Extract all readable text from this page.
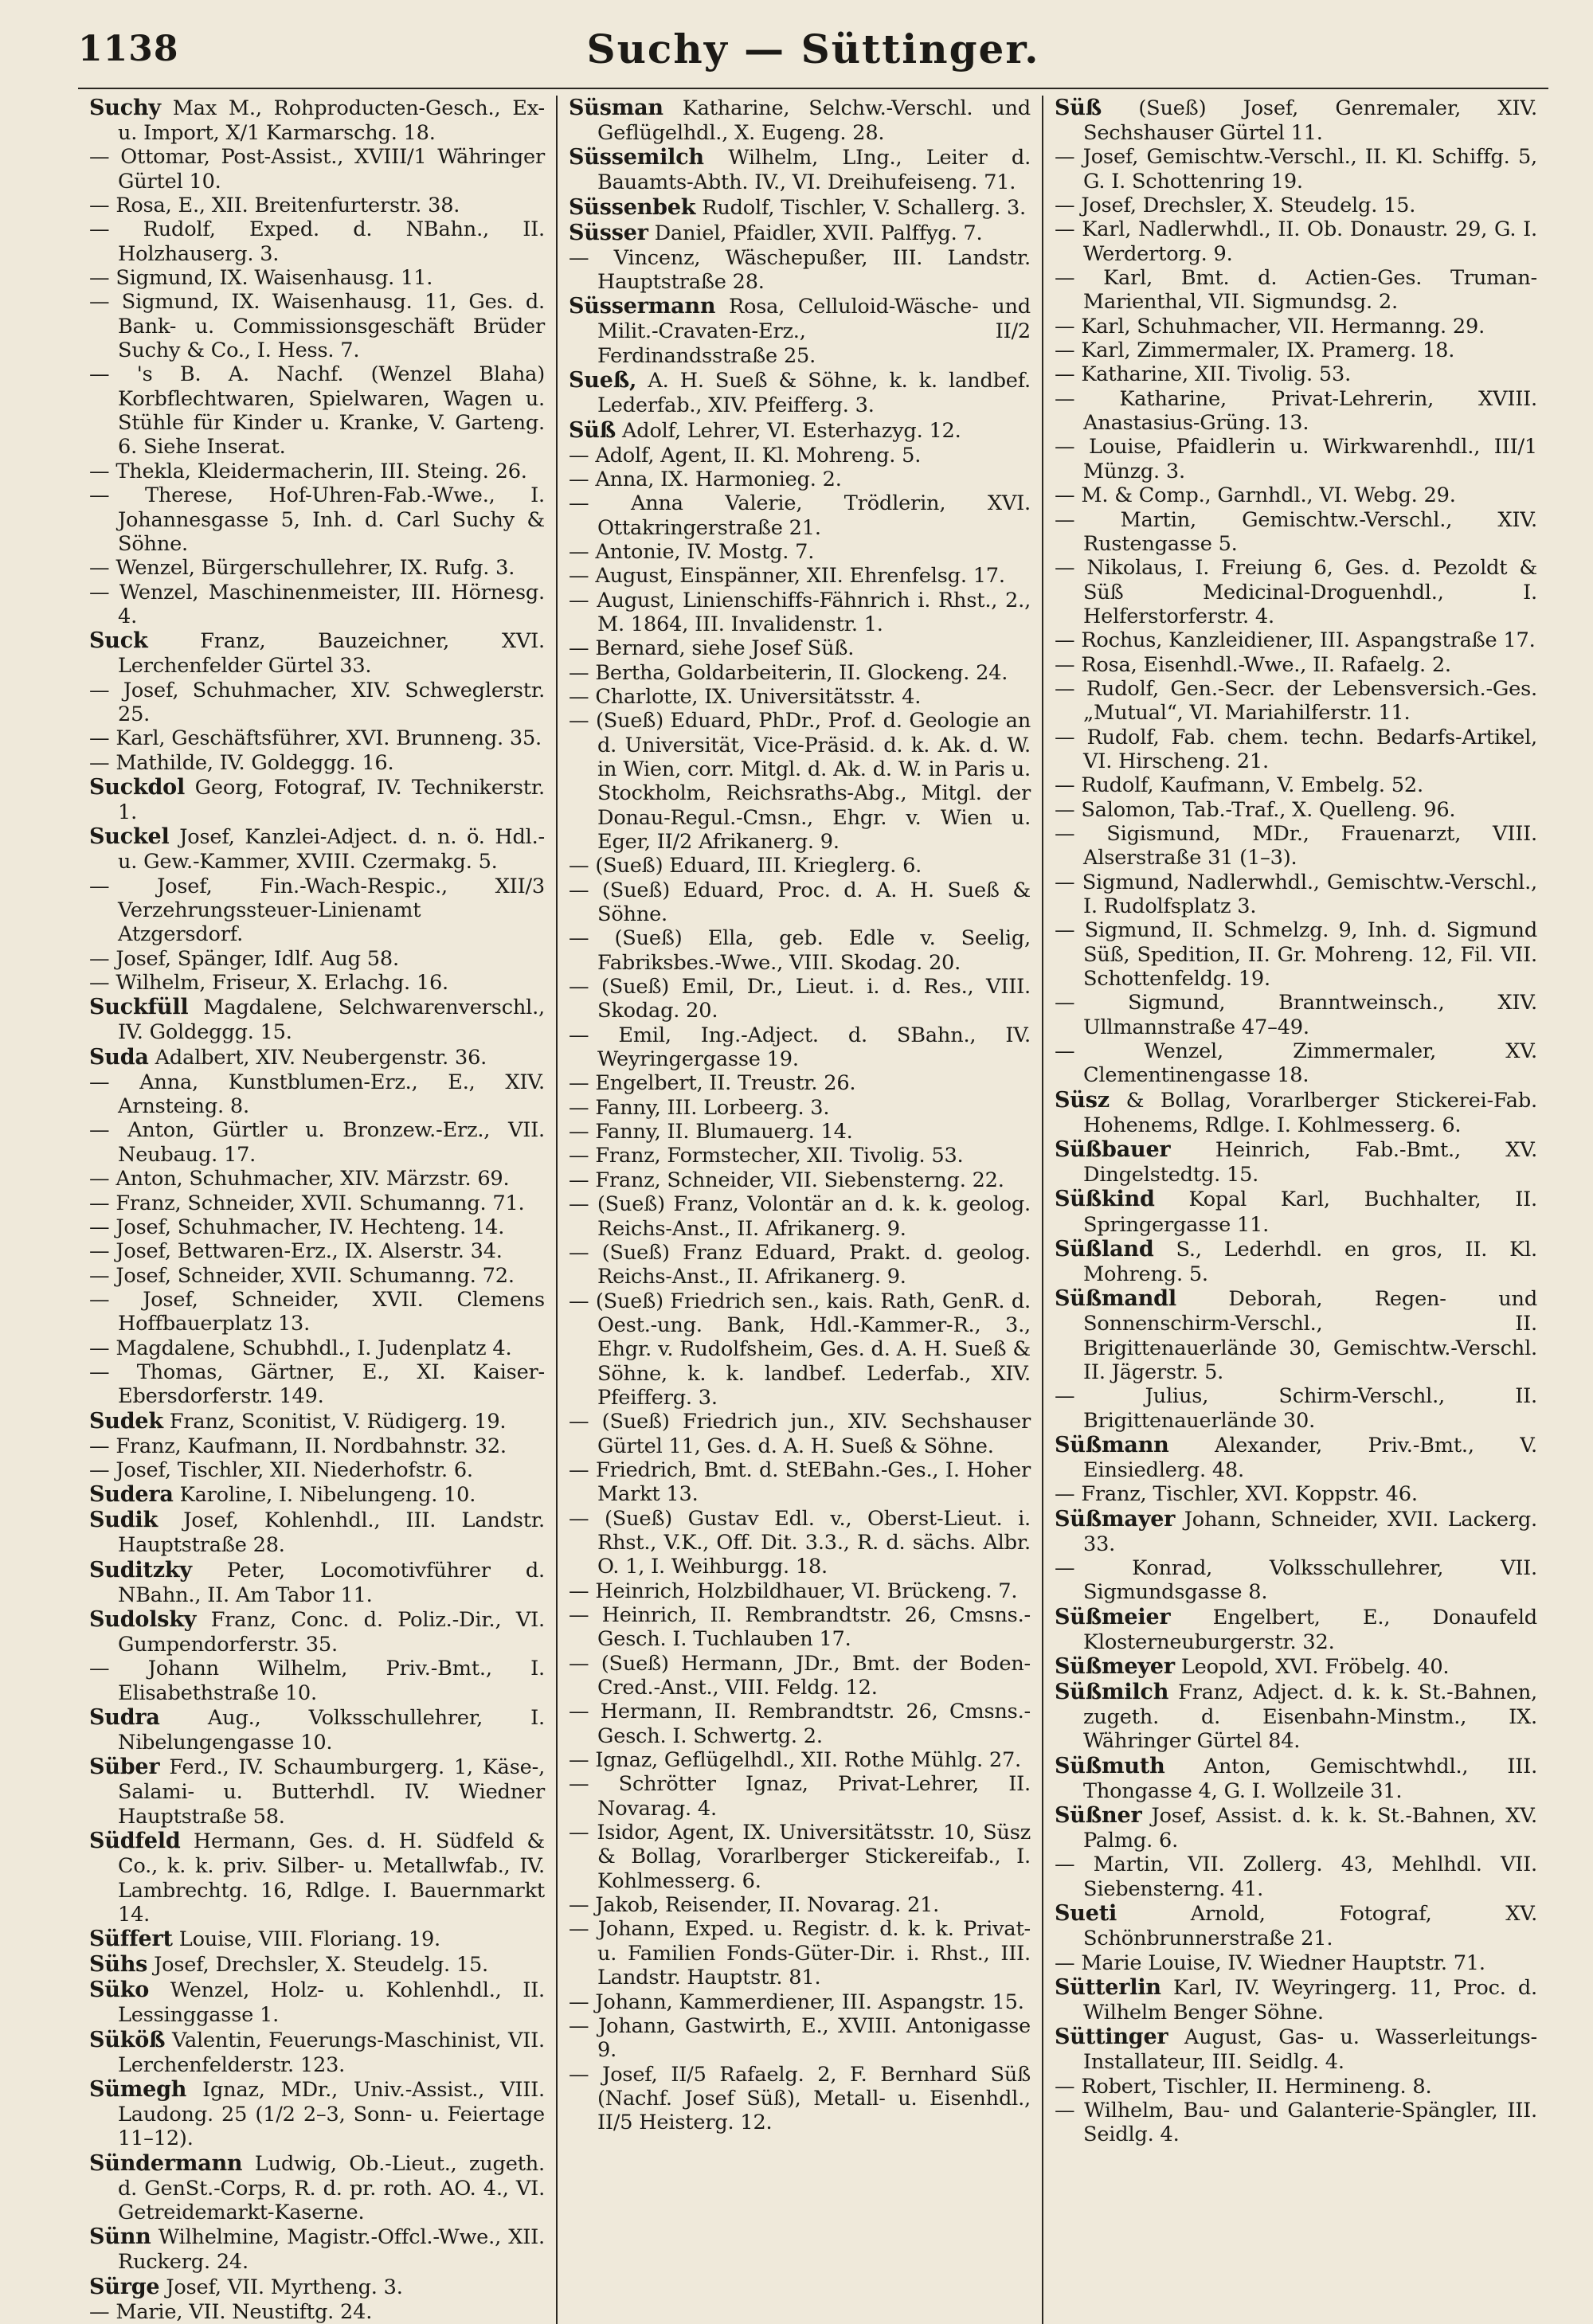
1138	Suchy — Süttinger.
Suchy Max M., Rohproducten-Gesch., Ex- u. Import, X/1 Karmarschg. 18.
— Ottomar, Post-Assist., XVIII/1 Währinger Gürtel 10.
— Rosa, E., XII. Breitenfurterstr. 38.
— Rudolf, Exped. d. NBahn., II. Holzhauserg. 3.
— Sigmund, IX. Waisenhausg. 11.
— Sigmund, IX. Waisenhausg. 11, Ges. d. Bank- u. Commissionsgeschäft Brüder Suchy & Co., I. Hess. 7.
— 's B. A. Nachf. (Wenzel Blaha) Korbflechtwaren, Spielwaren, Wagen u. Stühle für Kinder u. Kranke, V. Garteng. 6. Siehe Inserat.
— Thekla, Kleidermacherin, III. Steing. 26.
— Therese, Hof-Uhren-Fab.-Wwe., I. Johannesgasse 5, Inh. d. Carl Suchy & Söhne.
— Wenzel, Bürgerschullehrer, IX. Rufg. 3.
— Wenzel, Maschinenmeister, III. Hörnesg. 4.
Suck Franz, Bauzeichner, XVI. Lerchenfelder Gürtel 33.
— Josef, Schuhmacher, XIV. Schweglerstr. 25.
— Karl, Geschäftsführer, XVI. Brunneng. 35.
— Mathilde, IV. Goldeggg. 16.
Suckdol Georg, Fotograf, IV. Technikerstr. 1.
Suckel Josef, Kanzlei-Adject. d. n. ö. Hdl.- u. Gew.-Kammer, XVIII. Czermakg. 5.
— Josef, Fin.-Wach-Respic., XII/3 Verzehrungssteuer-Linienamt Atzgersdorf.
— Josef, Spänger, Idlf. Aug 58.
— Wilhelm, Friseur, X. Erlachg. 16.
Suckfüll Magdalene, Selchwarenverschl., IV. Goldeggg. 15.
Suda Adalbert, XIV. Neubergenstr. 36.
— Anna, Kunstblumen-Erz., E., XIV. Arnsteing. 8.
— Anton, Gürtler u. Bronzew.-Erz., VII. Neubaug. 17.
— Anton, Schuhmacher, XIV. Märzstr. 69.
— Franz, Schneider, XVII. Schumanng. 71.
— Josef, Schuhmacher, IV. Hechteng. 14.
— Josef, Bettwaren-Erz., IX. Alserstr. 34.
— Josef, Schneider, XVII. Schumanng. 72.
— Josef, Schneider, XVII. Clemens Hoffbauerplatz 13.
— Magdalene, Schubhdl., I. Judenplatz 4.
— Thomas, Gärtner, E., XI. Kaiser-Ebersdorferstr. 149.
Sudek Franz, Sconitist, V. Rüdigerg. 19.
— Franz, Kaufmann, II. Nordbahnstr. 32.
— Josef, Tischler, XII. Niederhofstr. 6.
Sudera Karoline, I. Nibelungeng. 10.
Sudik Josef, Kohlenhdl., III. Landstr. Hauptstraße 28.
Suditzky Peter, Locomotivführer d. NBahn., II. Am Tabor 11.
Sudolsky Franz, Conc. d. Poliz.-Dir., VI. Gumpendorferstr. 35.
— Johann Wilhelm, Priv.-Bmt., I. Elisabethstraße 10.
Sudra Aug., Volksschullehrer, I. Nibelungengasse 10.
Süber Ferd., IV. Schaumburgerg. 1, Käse-, Salami- u. Butterhdl. IV. Wiedner Hauptstraße 58.
Südfeld Hermann, Ges. d. H. Südfeld & Co., k. k. priv. Silber- u. Metallwfab., IV. Lambrechtg. 16, Rdlge. I. Bauernmarkt 14.
Süffert Louise, VIII. Floriang. 19.
Sühs Josef, Drechsler, X. Steudelg. 15.
Süko Wenzel, Holz- u. Kohlenhdl., II. Lessinggasse 1.
Süköß Valentin, Feuerungs-Maschinist, VII. Lerchenfelderstr. 123.
Sümegh Ignaz, MDr., Univ.-Assist., VIII. Laudong. 25 (1/2 2–3, Sonn- u. Feiertage 11–12).
Sündermann Ludwig, Ob.-Lieut., zugeth. d. GenSt.-Corps, R. d. pr. roth. AO. 4., VI. Getreidemarkt-Kaserne.
Sünn Wilhelmine, Magistr.-Offcl.-Wwe., XII. Ruckerg. 24.
Sürge Josef, VII. Myrtheng. 3.
— Marie, VII. Neustiftg. 24.
Süsman Katharine, Selchw.-Verschl. und Geflügelhdl., X. Eugeng. 28.
Süssemilch Wilhelm, LIng., Leiter d. Bauamts-Abth. IV., VI. Dreihufeiseng. 71.
Süssenbek Rudolf, Tischler, V. Schallerg. 3.
Süsser Daniel, Pfaidler, XVII. Palffyg. 7.
— Vincenz, Wäschepußer, III. Landstr. Hauptstraße 28.
Süssermann Rosa, Celluloid-Wäsche- und Milit.-Cravaten-Erz., II/2 Ferdinandsstraße 25.
Sueß, A. H. Sueß & Söhne, k. k. landbef. Lederfab., XIV. Pfeifferg. 3.
Süß Adolf, Lehrer, VI. Esterhazyg. 12.
— Adolf, Agent, II. Kl. Mohreng. 5.
— Anna, IX. Harmonieg. 2.
— Anna Valerie, Trödlerin, XVI. Ottakringerstraße 21.
— Antonie, IV. Mostg. 7.
— August, Einspänner, XII. Ehrenfelsg. 17.
— August, Linienschiffs-Fähnrich i. Rhst., 2., M. 1864, III. Invalidenstr. 1.
— Bernard, siehe Josef Süß.
— Bertha, Goldarbeiterin, II. Glockeng. 24.
— Charlotte, IX. Universitätsstr. 4.
— (Sueß) Eduard, PhDr., Prof. d. Geologie an d. Universität, Vice-Präsid. d. k. Ak. d. W. in Wien, corr. Mitgl. d. Ak. d. W. in Paris u. Stockholm, Reichsraths-Abg., Mitgl. der Donau-Regul.-Cmsn., Ehgr. v. Wien u. Eger, II/2 Afrikanerg. 9.
— (Sueß) Eduard, III. Krieglerg. 6.
— (Sueß) Eduard, Proc. d. A. H. Sueß & Söhne.
— (Sueß) Ella, geb. Edle v. Seelig, Fabriksbes.-Wwe., VIII. Skodag. 20.
— (Sueß) Emil, Dr., Lieut. i. d. Res., VIII. Skodag. 20.
— Emil, Ing.-Adject. d. SBahn., IV. Weyringergasse 19.
— Engelbert, II. Treustr. 26.
— Fanny, III. Lorbeerg. 3.
— Fanny, II. Blumauerg. 14.
— Franz, Formstecher, XII. Tivolig. 53.
— Franz, Schneider, VII. Siebensterng. 22.
— (Sueß) Franz, Volontär an d. k. k. geolog. Reichs-Anst., II. Afrikanerg. 9.
— (Sueß) Franz Eduard, Prakt. d. geolog. Reichs-Anst., II. Afrikanerg. 9.
— (Sueß) Friedrich sen., kais. Rath, GenR. d. Oest.-ung. Bank, Hdl.-Kammer-R., 3., Ehgr. v. Rudolfsheim, Ges. d. A. H. Sueß & Söhne, k. k. landbef. Lederfab., XIV. Pfeifferg. 3.
— (Sueß) Friedrich jun., XIV. Sechshauser Gürtel 11, Ges. d. A. H. Sueß & Söhne.
— Friedrich, Bmt. d. StEBahn.-Ges., I. Hoher Markt 13.
— (Sueß) Gustav Edl. v., Oberst-Lieut. i. Rhst., V.K., Off. Dit. 3.3., R. d. sächs. Albr. O. 1, I. Weihburgg. 18.
— Heinrich, Holzbildhauer, VI. Brückeng. 7.
— Heinrich, II. Rembrandtstr. 26, Cmsns.-Gesch. I. Tuchlauben 17.
— (Sueß) Hermann, JDr., Bmt. der Boden-Cred.-Anst., VIII. Feldg. 12.
— Hermann, II. Rembrandtstr. 26, Cmsns.-Gesch. I. Schwertg. 2.
— Ignaz, Geflügelhdl., XII. Rothe Mühlg. 27.
— Schrötter Ignaz, Privat-Lehrer, II. Novarag. 4.
— Isidor, Agent, IX. Universitätsstr. 10, Süsz & Bollag, Vorarlberger Stickereifab., I. Kohlmesserg. 6.
— Jakob, Reisender, II. Novarag. 21.
— Johann, Exped. u. Registr. d. k. k. Privat- u. Familien Fonds-Güter-Dir. i. Rhst., III. Landstr. Hauptstr. 81.
— Johann, Kammerdiener, III. Aspangstr. 15.
— Johann, Gastwirth, E., XVIII. Antonigasse 9.
— Josef, II/5 Rafaelg. 2, F. Bernhard Süß (Nachf. Josef Süß), Metall- u. Eisenhdl., II/5 Heisterg. 12.
Süß (Sueß) Josef, Genremaler, XIV. Sechshauser Gürtel 11.
— Josef, Gemischtw.-Verschl., II. Kl. Schiffg. 5, G. I. Schottenring 19.
— Josef, Drechsler, X. Steudelg. 15.
— Karl, Nadlerwhdl., II. Ob. Donaustr. 29, G. I. Werdertorg. 9.
— Karl, Bmt. d. Actien-Ges. Truman-Marienthal, VII. Sigmundsg. 2.
— Karl, Schuhmacher, VII. Hermanng. 29.
— Karl, Zimmermaler, IX. Pramerg. 18.
— Katharine, XII. Tivolig. 53.
— Katharine, Privat-Lehrerin, XVIII. Anastasius-Grüng. 13.
— Louise, Pfaidlerin u. Wirkwarenhdl., III/1 Münzg. 3.
— M. & Comp., Garnhdl., VI. Webg. 29.
— Martin, Gemischtw.-Verschl., XIV. Rustengasse 5.
— Nikolaus, I. Freiung 6, Ges. d. Pezoldt & Süß Medicinal-Droguenhdl., I. Helferstorferstr. 4.
— Rochus, Kanzleidiener, III. Aspangstraße 17.
— Rosa, Eisenhdl.-Wwe., II. Rafaelg. 2.
— Rudolf, Gen.-Secr. der Lebensversich.-Ges. „Mutual“, VI. Mariahilferstr. 11.
— Rudolf, Fab. chem. techn. Bedarfs-Artikel, VI. Hirscheng. 21.
— Rudolf, Kaufmann, V. Embelg. 52.
— Salomon, Tab.-Traf., X. Quelleng. 96.
— Sigismund, MDr., Frauenarzt, VIII. Alserstraße 31 (1–3).
— Sigmund, Nadlerwhdl., Gemischtw.-Verschl., I. Rudolfsplatz 3.
— Sigmund, II. Schmelzg. 9, Inh. d. Sigmund Süß, Spedition, II. Gr. Mohreng. 12, Fil. VII. Schottenfeldg. 19.
— Sigmund, Branntweinsch., XIV. Ullmannstraße 47–49.
— Wenzel, Zimmermaler, XV. Clementinengasse 18.
Süsz & Bollag, Vorarlberger Stickerei-Fab. Hohenems, Rdlge. I. Kohlmesserg. 6.
Süßbauer Heinrich, Fab.-Bmt., XV. Dingelstedtg. 15.
Süßkind Kopal Karl, Buchhalter, II. Springergasse 11.
Süßland S., Lederhdl. en gros, II. Kl. Mohreng. 5.
Süßmandl Deborah, Regen- und Sonnenschirm-Verschl., II. Brigittenauerlände 30, Gemischtw.-Verschl. II. Jägerstr. 5.
— Julius, Schirm-Verschl., II. Brigittenauerlände 30.
Süßmann Alexander, Priv.-Bmt., V. Einsiedlerg. 48.
— Franz, Tischler, XVI. Koppstr. 46.
Süßmayer Johann, Schneider, XVII. Lackerg. 33.
— Konrad, Volksschullehrer, VII. Sigmundsgasse 8.
Süßmeier Engelbert, E., Donaufeld Klosterneuburgerstr. 32.
Süßmeyer Leopold, XVI. Fröbelg. 40.
Süßmilch Franz, Adject. d. k. k. St.-Bahnen, zugeth. d. Eisenbahn-Minstm., IX. Währinger Gürtel 84.
Süßmuth Anton, Gemischtwhdl., III. Thongasse 4, G. I. Wollzeile 31.
Süßner Josef, Assist. d. k. k. St.-Bahnen, XV. Palmg. 6.
— Martin, VII. Zollerg. 43, Mehlhdl. VII. Siebensterng. 41.
Sueti Arnold, Fotograf, XV. Schönbrunnerstraße 21.
— Marie Louise, IV. Wiedner Hauptstr. 71.
Sütterlin Karl, IV. Weyringerg. 11, Proc. d. Wilhelm Benger Söhne.
Süttinger August, Gas- u. Wasserleitungs-Installateur, III. Seidlg. 4.
— Robert, Tischler, II. Hermineng. 8.
— Wilhelm, Bau- und Galanterie-Spängler, III. Seidlg. 4.
